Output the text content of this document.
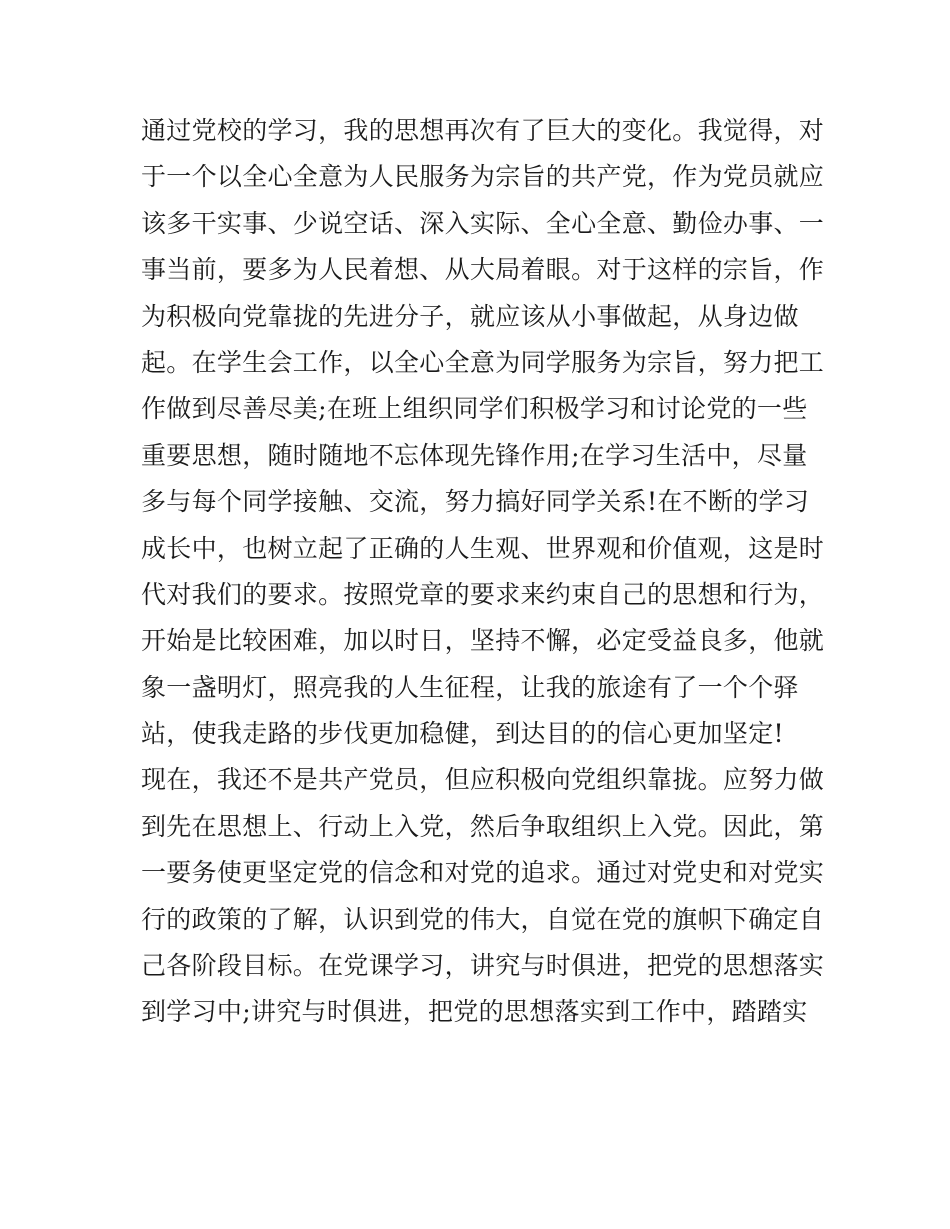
通过党校的学习，我的思想再次有了巨大的变化。我觉得，对
于一个以全心全意为人民服务为宗旨的共产党，作为党员就应
该多干实事、少说空话、深入实际、全心全意、勤俭办事、一
事当前，要多为人民着想、从大局着眼。对于这样的宗旨，作
为积极向党靠拢的先进分子，就应该从小事做起，从身边做
起。在学生会工作，以全心全意为同学服务为宗旨，努力把工
作做到尽善尽美;在班上组织同学们积极学习和讨论党的一些
重要思想，随时随地不忘体现先锋作用;在学习生活中，尽量
多与每个同学接触、交流，努力搞好同学关系!在不断的学习
成长中，也树立起了正确的人生观、世界观和价值观，这是时
代对我们的要求。按照党章的要求来约束自己的思想和行为，
开始是比较困难，加以时日，坚持不懈，必定受益良多，他就
象一盏明灯，照亮我的人生征程，让我的旅途有了一个个驿
站，使我走路的步伐更加稳健，到达目的的信心更加坚定!
现在，我还不是共产党员，但应积极向党组织靠拢。应努力做
到先在思想上、行动上入党，然后争取组织上入党。因此，第
一要务使更坚定党的信念和对党的追求。通过对党史和对党实
行的政策的了解，认识到党的伟大，自觉在党的旗帜下确定自
己各阶段目标。在党课学习，讲究与时俱进，把党的思想落实
到学习中;讲究与时俱进，把党的思想落实到工作中，踏踏实
